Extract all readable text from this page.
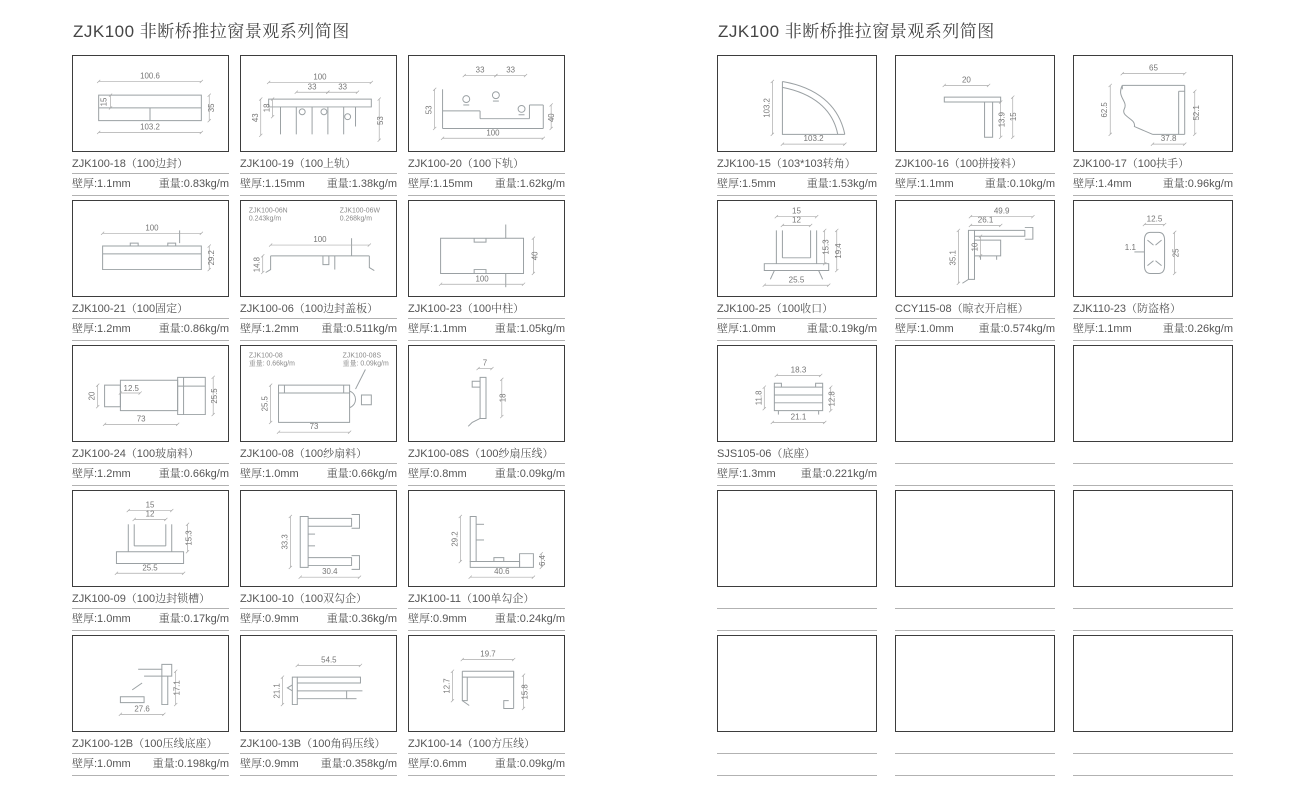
ZJK100 非断桥推拉窗景观系列简图
100.6
15
35
103.2
ZJK100-18（100边封）
壁厚:1.1mm	重量:0.83kg/m
100
33	33
43
18
53
ZJK100-19（100上轨）
壁厚:1.15mm 重量:1.38kg/m
33	33
53
40
100
ZJK100-20（100下轨）
壁厚:1.15mm 重量:1.62kg/m
100
29.2
ZJK100-21（100固定）
壁厚:1.2mm	重量:0.86kg/m
100
14.8
ZJK100-06N
0.243kg/m
ZJK100-06W
0.268kg/m
ZJK100-06（100边封盖板）
壁厚:1.2mm 重量:0.511kg/m
40
100
ZJK100-23（100中柱）
壁厚:1.1mm	重量:1.05kg/m
20
12.5	25.5
73
ZJK100-24（100玻扇料）
壁厚:1.2mm	重量:0.66kg/m
25.5
73
ZJK100-08
重量: 0.66kg/m
ZJK100-08S
重量: 0.09kg/m
ZJK100-08（100纱扇料）
壁厚:1.0mm	重量:0.66kg/m
7
18
ZJK100-08S（100纱扇压线）
壁厚:0.8mm	重量:0.09kg/m
15
12
15.3
25.5
ZJK100-09（100边封锁槽）
壁厚:1.0mm	重量:0.17kg/m
33.3
30.4
ZJK100-10（100双勾企）
壁厚:0.9mm	重量:0.36kg/m
29.2
6.4
40.6
ZJK100-11（100单勾企）
壁厚:0.9mm	重量:0.24kg/m
17.1
27.6
ZJK100-12B（100压线底座）
壁厚:1.0mm 重量:0.198kg/m
54.5
21.1
ZJK100-13B（100角码压线）
壁厚:0.9mm 重量:0.358kg/m
19.7
12.7	15.8
ZJK100-14（100方压线）
壁厚:0.6mm	重量:0.09kg/m
ZJK100 非断桥推拉窗景观系列简图
103.2
103.2
ZJK100-15（103*103转角）
壁厚:1.5mm	重量:1.53kg/m
20
13.9 15
ZJK100-16（100拼接料）
壁厚:1.1mm	重量:0.10kg/m
65
62.5	52.1
37.8
ZJK100-17（100扶手）
壁厚:1.4mm	重量:0.96kg/m
15
12
15.3 19.4
25.5
ZJK100-25（100收口）
壁厚:1.0mm	重量:0.19kg/m
49.9
26.1
10
35.1
CCY115-08（晾衣开启框）
壁厚:1.0mm 重量:0.574kg/m
12.5
1.1
25
ZJK110-23（防盗格）
壁厚:1.1mm	重量:0.26kg/m
18.3
11.8	12.8
21.1
SJS105-06（底座）
壁厚:1.3mm 重量:0.221kg/m
